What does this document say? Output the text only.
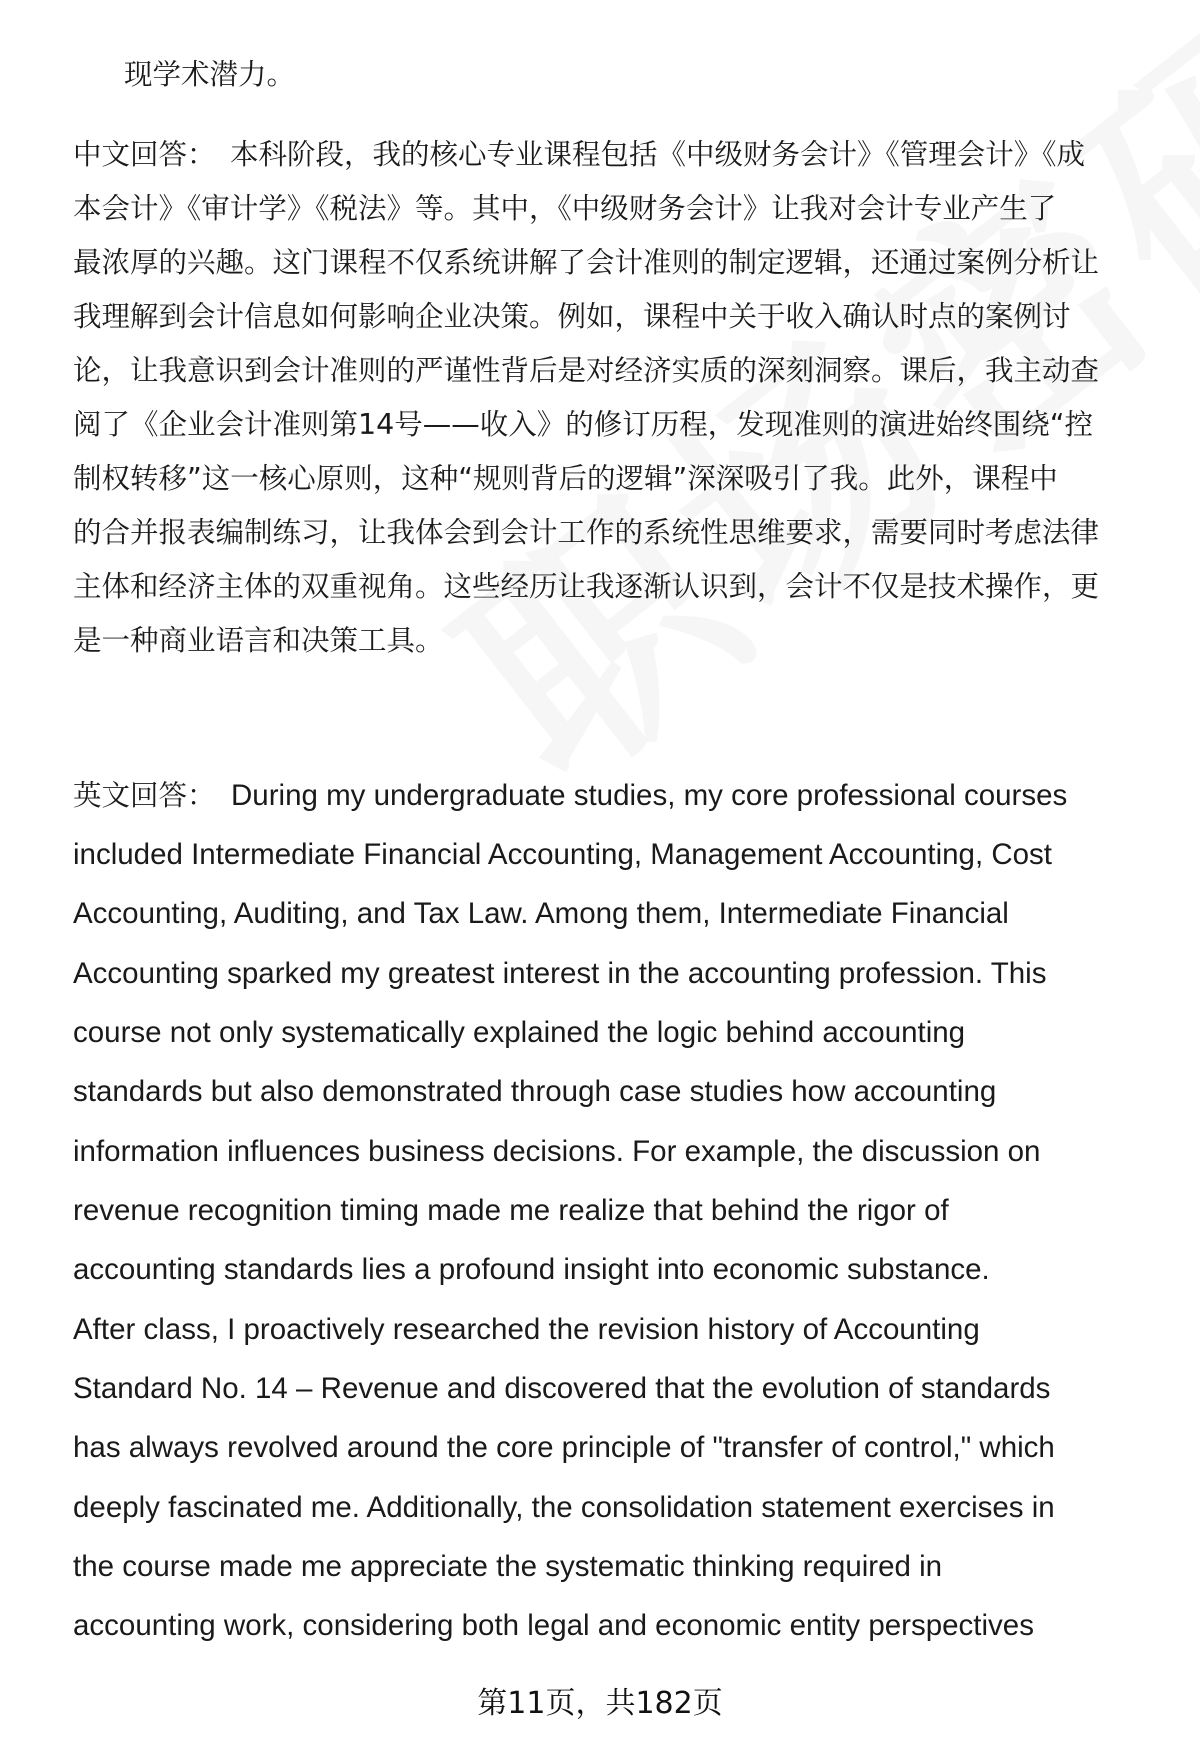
现学术潜力。
中文回答： 本科阶段，我的核心专业课程包括《中级财务会计》《管理会计》《成
本会计》《审计学》《税法》等。其中，《中级财务会计》让我对会计专业产生了
最浓厚的兴趣。这门课程不仅系统讲解了会计准则的制定逻辑，还通过案例分析让
我理解到会计信息如何影响企业决策。例如，课程中关于收入确认时点的案例讨
论，让我意识到会计准则的严谨性背后是对经济实质的深刻洞察。课后，我主动查
阅了《企业会计准则第14号——收入》的修订历程，发现准则的演进始终围绕“控
制权转移”这一核心原则，这种“规则背后的逻辑”深深吸引了我。此外，课程中
的合并报表编制练习，让我体会到会计工作的系统性思维要求，需要同时考虑法律
主体和经济主体的双重视角。这些经历让我逐渐认识到，会计不仅是技术操作，更
是一种商业语言和决策工具。
英文回答： During my undergraduate studies, my core professional courses
included Intermediate Financial Accounting, Management Accounting, Cost
Accounting, Auditing, and Tax Law. Among them, Intermediate Financial
Accounting sparked my greatest interest in the accounting profession. This
course not only systematically explained the logic behind accounting
standards but also demonstrated through case studies how accounting
information influences business decisions. For example, the discussion on
revenue recognition timing made me realize that behind the rigor of
accounting standards lies a profound insight into economic substance.
After class, I proactively researched the revision history of Accounting
Standard No. 14 – Revenue and discovered that the evolution of standards
has always revolved around the core principle of "transfer of control," which
deeply fascinated me. Additionally, the consolidation statement exercises in
the course made me appreciate the systematic thinking required in
accounting work, considering both legal and economic entity perspectives
第11页，共182页
